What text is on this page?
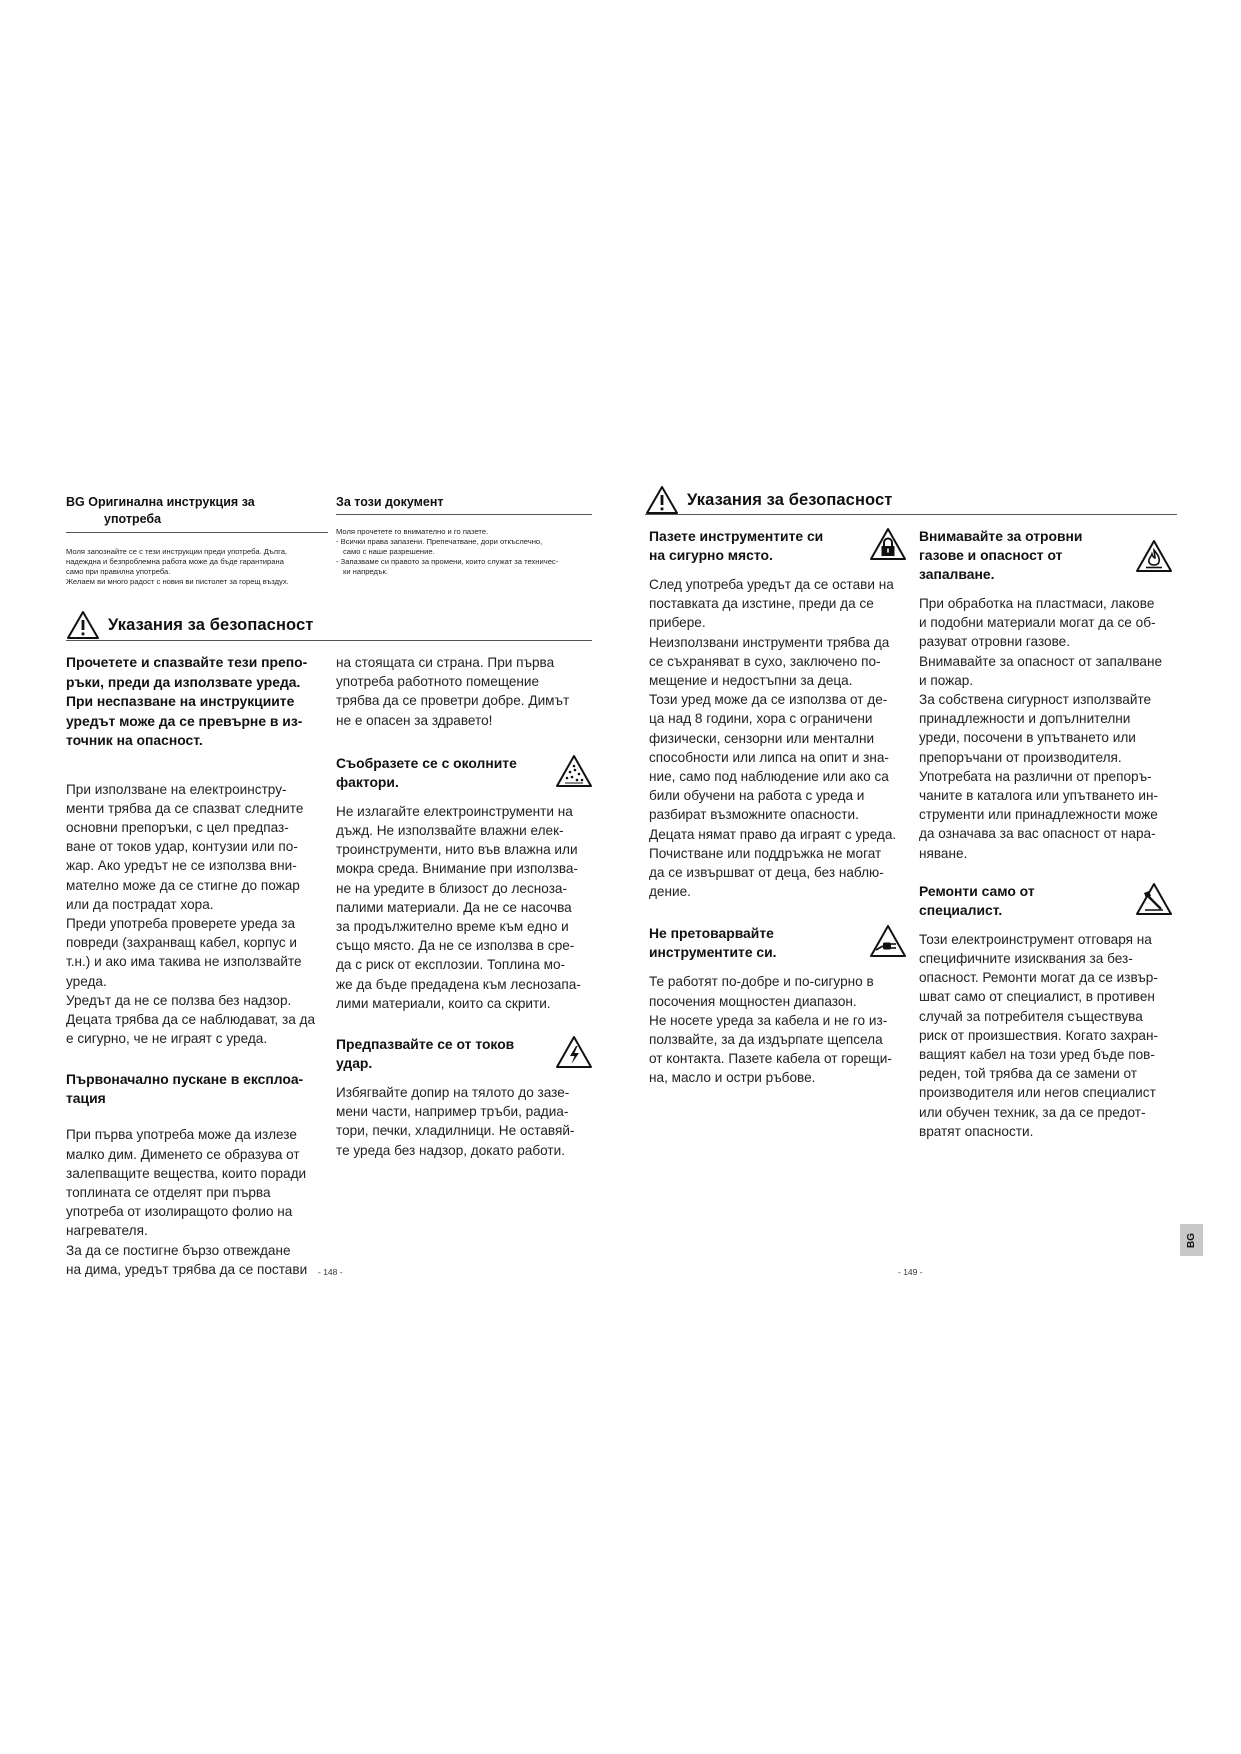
BG Оригинална инструкция за
употреба
Моля запознайте се с тези инструкции преди употреба. Дълга,
надеждна и безпроблемна работа може да бъде гарантирана
само при правилна употреба.
Желаем ви много радост с новия ви пистолет за горещ въздух.
За този документ
Моля прочетете го внимателно и го пазете.
- Всички права запазени. Препечатване, дори откъслечно,
само с наше разрешение.
- Запазваме си правото за промени, които служат за техничес-
ки напредък.
Указания за безопасност
Прочетете и спазвайте тези препо-
ръки, преди да използвате уреда.
При неспазване на инструкциите
уредът може да се превърне в из-
точник на опасност.
При използване на електроинстру-
менти трябва да се спазват следните
основни препоръки, с цел предпаз-
ване от токов удар, контузии или по-
жар. Ако уредът не се използва вни-
мателно може да се стигне до пожар
или да пострадат хора.
Преди употреба проверете уреда за
повреди (захранващ кабел, корпус и
т.н.) и ако има такива не използвайте
уреда.
Уредът да не се ползва без надзор.
Децата трябва да се наблюдават, за да
е сигурно, че не играят с уреда.
Първоначално пускане в експлоа-
тация
При първа употреба може да излезе
малко дим. Дименето се образува от
залепващите вещества, които поради
топлината се отделят при първа
употреба от изолиращото фолио на
нагревателя.
За да се постигне бързо отвеждане
на дима, уредът трябва да се постави
на стоящата си страна. При първа
употреба работното помещение
трябва да се проветри добре. Димът
не е опасен за здравето!
Съобразете се с околните
фактори.
Не излагайте електроинструменти на
дъжд. Не използвайте влажни елек-
троинструменти, нито във влажна или
мокра среда. Внимание при използва-
не на уредите в близост до лесноза-
палими материали. Да не се насочва
за продължително време към едно и
също място. Да не се използва в сре-
да с риск от експлозии. Топлина мо-
же да бъде предадена към леснозапа-
лими материали, които са скрити.
Предпазвайте се от токов
удар.
Избягвайте допир на тялото до зазе-
мени части, например тръби, радиа-
тори, печки, хладилници. Не оставяй-
те уреда без надзор, докато работи.
- 148 -
Указания за безопасност
Пазете инструментите си
на сигурно място.
След употреба уредът да се остави на
поставката да изстине, преди да се
прибере.
Неизползвани инструменти трябва да
се съхраняват в сухо, заключено по-
мещение и недостъпни за деца.
Този уред може да се използва от де-
ца над 8 години, хора с ограничени
физически, сензорни или ментални
способности или липса на опит и зна-
ние, само под наблюдение или ако са
били обучени на работа с уреда и
разбират възможните опасности.
Децата нямат право да играят с уреда.
Почистване или поддръжка не могат
да се извършват от деца, без наблю-
дение.
Не претоварвайте
инструментите си.
Те работят по-добре и по-сигурно в
посочения мощностен диапазон.
Не носете уреда за кабела и не го из-
ползвайте, за да издърпате щепсела
от контакта. Пазете кабела от горещи-
на, масло и остри ръбове.
Внимавайте за отровни
газове и опасност от
запалване.
При обработка на пластмаси, лакове
и подобни материали могат да се об-
разуват отровни газове.
Внимавайте за опасност от запалване
и пожар.
За собствена сигурност използвайте
принадлежности и допълнителни
уреди, посочени в упътването или
препоръчани от производителя.
Употребата на различни от препоръ-
чаните в каталога или упътването ин-
струменти или принадлежности може
да означава за вас опасност от нара-
няване.
Ремонти само от
специалист.
Този електроинструмент отговаря на
специфичните изисквания за без-
опасност. Ремонти могат да се извър-
шват само от специалист, в противен
случай за потребителя съществува
риск от произшествия. Когато захран-
ващият кабел на този уред бъде пов-
реден, той трябва да се замени от
производителя или негов специалист
или обучен техник, за да се предот-
вратят опасности.
BG
- 149 -
